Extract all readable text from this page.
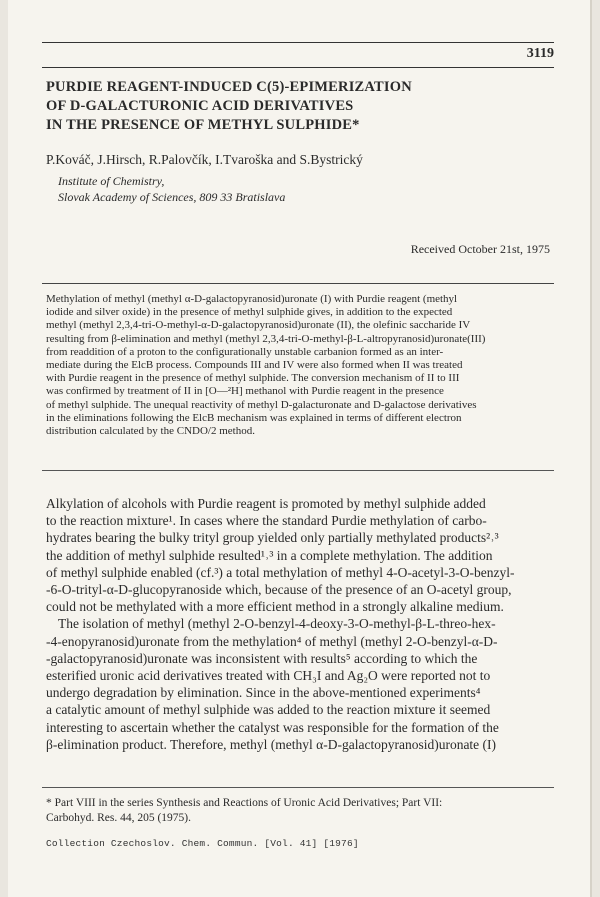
3119
PURDIE REAGENT-INDUCED C(5)-EPIMERIZATION
OF D-GALACTURONIC ACID DERIVATIVES
IN THE PRESENCE OF METHYL SULPHIDE*
P.Kováč, J.Hirsch, R.Palovčík, I.Tvaroška and S.Bystrický
Institute of Chemistry,
Slovak Academy of Sciences, 809 33 Bratislava
Received October 21st, 1975
Methylation of methyl (methyl α-D-galactopyranosid)uronate (I) with Purdie reagent (methyl
iodide and silver oxide) in the presence of methyl sulphide gives, in addition to the expected
methyl (methyl 2,3,4-tri-O-methyl-α-D-galactopyranosid)uronate (II), the olefinic saccharide IV
resulting from β-elimination and methyl (methyl 2,3,4-tri-O-methyl-β-L-altropyranosid)uronate(III)
from readdition of a proton to the configurationally unstable carbanion formed as an inter-
mediate during the ElcB process. Compounds III and IV were also formed when II was treated
with Purdie reagent in the presence of methyl sulphide. The conversion mechanism of II to III
was confirmed by treatment of II in [O—²H] methanol with Purdie reagent in the presence
of methyl sulphide. The unequal reactivity of methyl D-galacturonate and D-galactose derivatives
in the eliminations following the ElcB mechanism was explained in terms of different electron
distribution calculated by the CNDO/2 method.
Alkylation of alcohols with Purdie reagent is promoted by methyl sulphide added
to the reaction mixture¹. In cases where the standard Purdie methylation of carbo-
hydrates bearing the bulky trityl group yielded only partially methylated products²˒³
the addition of methyl sulphide resulted¹˒³ in a complete methylation. The addition
of methyl sulphide enabled (cf.³) a total methylation of methyl 4-O-acetyl-3-O-benzyl-
-6-O-trityl-α-D-glucopyranoside which, because of the presence of an O-acetyl group,
could not be methylated with a more efficient method in a strongly alkaline medium.
The isolation of methyl (methyl 2-O-benzyl-4-deoxy-3-O-methyl-β-L-threo-hex-
-4-enopyranosid)uronate from the methylation⁴ of methyl (methyl 2-O-benzyl-α-D-
-galactopyranosid)uronate was inconsistent with results⁵ according to which the
esterified uronic acid derivatives treated with CH₃I and Ag₂O were reported not to
undergo degradation by elimination. Since in the above-mentioned experiments⁴
a catalytic amount of methyl sulphide was added to the reaction mixture it seemed
interesting to ascertain whether the catalyst was responsible for the formation of the
β-elimination product. Therefore, methyl (methyl α-D-galactopyranosid)uronate (I)
* Part VIII in the series Synthesis and Reactions of Uronic Acid Derivatives; Part VII:
Carbohyd. Res. 44, 205 (1975).
Collection Czechoslov. Chem. Commun. [Vol. 41] [1976]
